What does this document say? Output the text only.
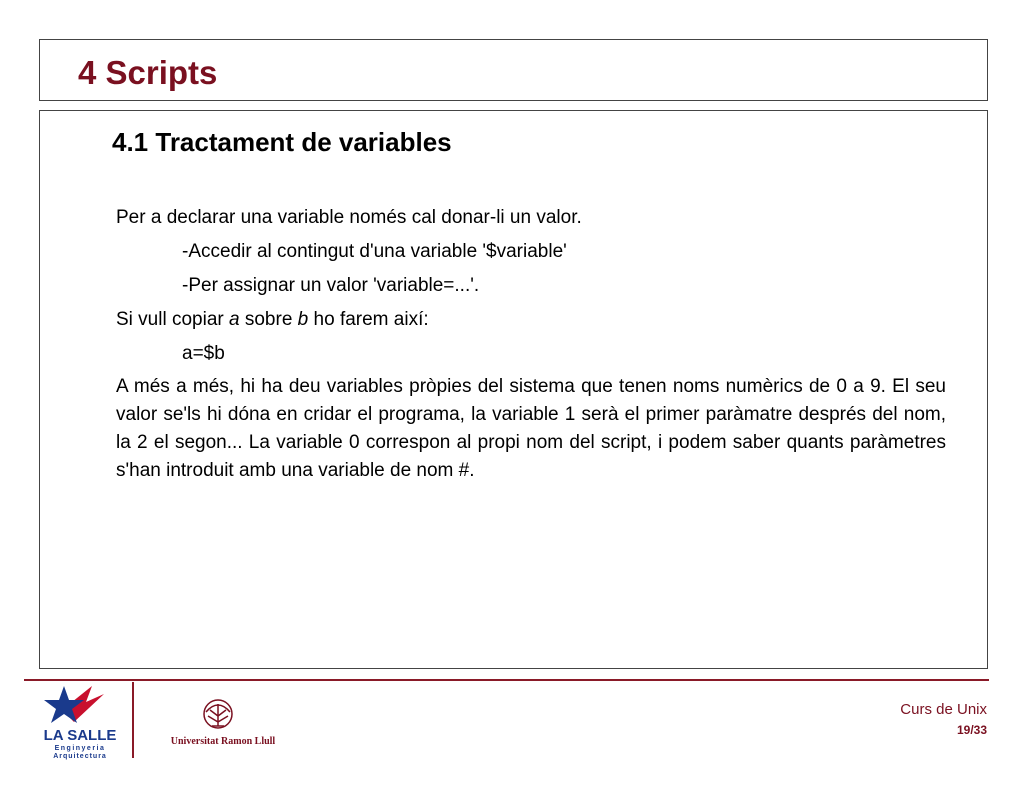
4 Scripts
4.1 Tractament de variables

Per a declarar una variable només cal donar-li un valor.

-Accedir al contingut d'una variable '$variable'

-Per assignar un valor 'variable=...'.

Si vull copiar a sobre b ho farem així:

a=$b

A més a més, hi ha deu variables pròpies del sistema que tenen noms numèrics de 0 a 9. El seu valor se'ls hi dóna en cridar el programa, la variable 1 serà el primer paràmatre després del nom, la 2 el segon... La variable 0 correspon al propi nom del script, i podem saber quants paràmetres s'han introduit amb una variable de nom #.

LA SALLE
Enginyeria
Arquitectura
Universitat Ramon Llull
Curs de Unix
19/33
